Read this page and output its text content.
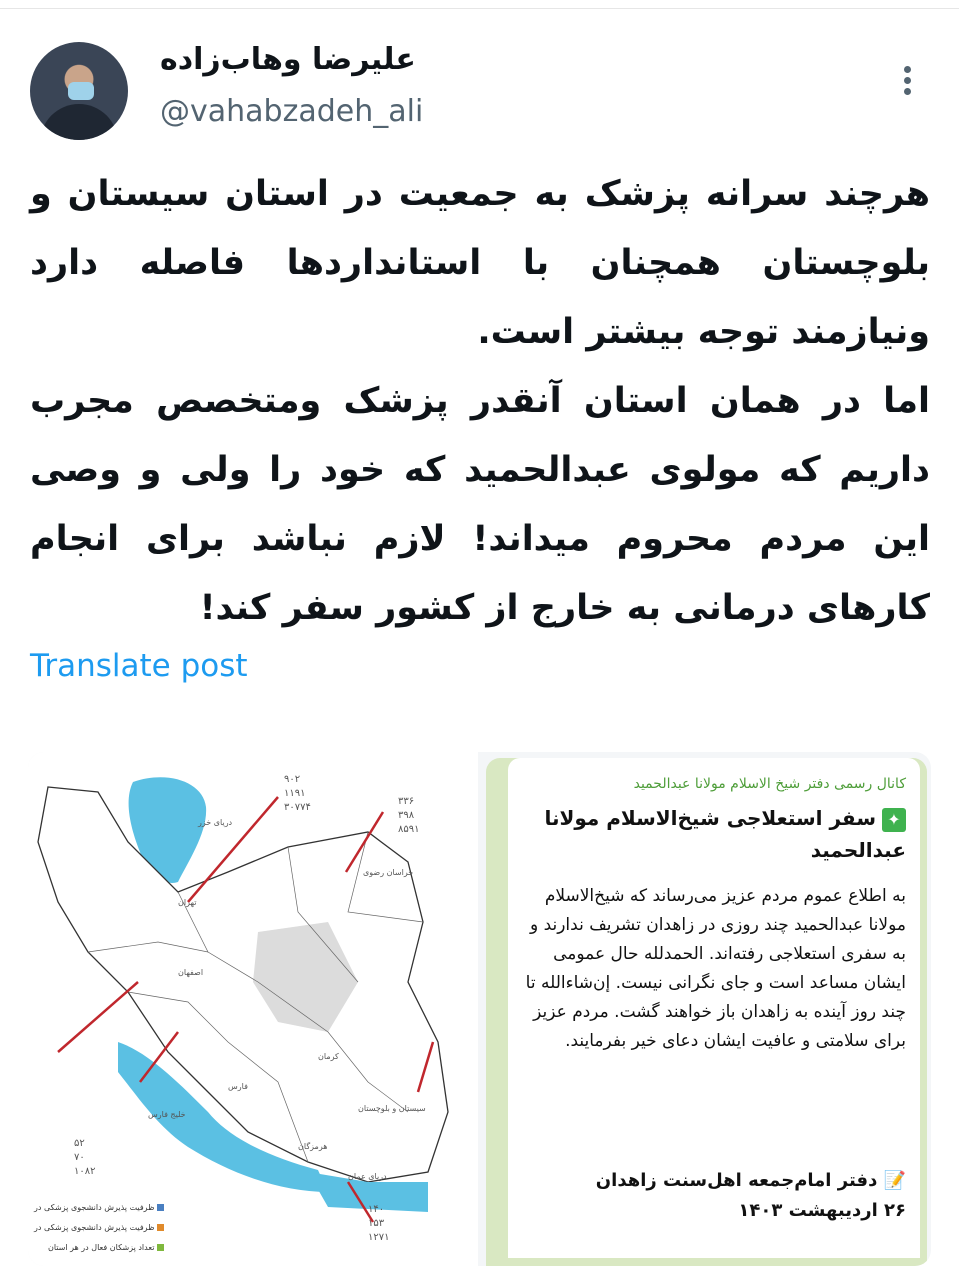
علیرضا وهاب‌زاده
@vahabzadeh_ali

هرچند سرانه پزشک به جمعیت در استان سیستان و بلوچستان همچنان با استانداردها فاصله دارد ونیازمند توجه بیشتر است.

اما در همان استان آنقدر پزشک ومتخصص مجرب داریم که مولوی عبدالحمید که خود را ولی و وصی این مردم محروم میداند! لازم نباشد برای انجام کارهای درمانی به خارج از کشور سفر کند!

Translate post
۹۰۲
۱۱۹۱
۳۰۷۷۴
۳۳۶
۳۹۸
۸۵۹۱
۵۲
۷۰
۱۰۸۲
۱۴۰
۱۵۳
۱۲۷۱
دریای خزر
خلیج فارس
دریای عمان
تهران
اصفهان
خراسان رضوی
سیستان و بلوچستان
کرمان
فارس
هرمزگان
ظرفیت پذیرش دانشجوی پزشکی در
ظرفیت پذیرش دانشجوی پزشکی در
تعداد پزشکان فعال در هر استان
کانال رسمی دفتر شیخ الاسلام مولانا عبدالحمید
✦سفر استعلاجی شیخ‌الاسلام مولانا عبدالحمید
به اطلاع عموم مردم عزیز می‌رساند که شیخ‌الاسلام مولانا عبدالحمید چند روزی در زاهدان تشریف ندارند و به سفری استعلاجی رفته‌اند. الحمدلله حال عمومی ایشان مساعد است و جای نگرانی نیست. إن‌شاءالله تا چند روز آینده به زاهدان باز خواهند گشت. مردم عزیز برای سلامتی و عافیت ایشان دعای خیر بفرمایند.
📝 دفتر امام‌جمعه اهل‌سنت زاهدان
۲۶ اردیبهشت ۱۴۰۳
